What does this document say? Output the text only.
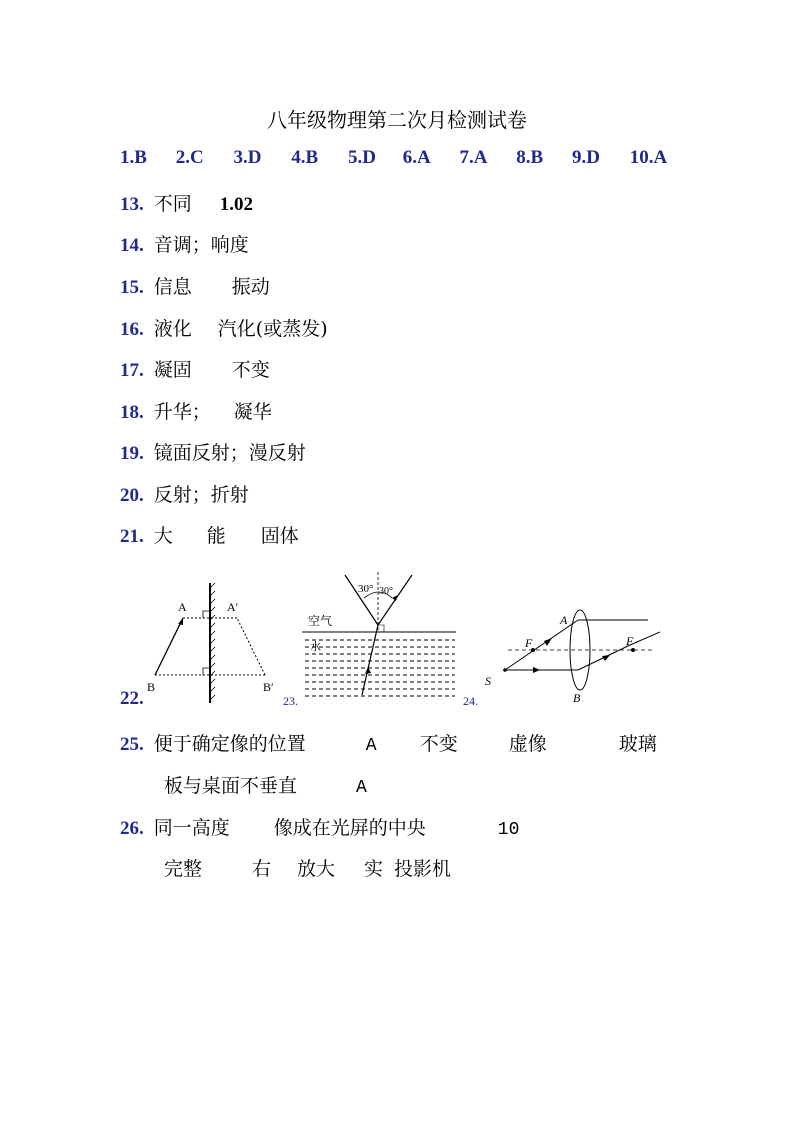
八年级物理第二次月检测试卷
1.B 2.C 3.D 4.B 5.D 6.A 7.A 8.B 9.D 10.A
13. 不同 1.02
14. 音调；响度
15. 信息 振动
16. 液化 汽化(或蒸发)
17. 凝固 不变
18. 升华； 凝华
19. 镜面反射；漫反射
20. 反射；折射
21. 大 能 固体
22.
A	A′
B	B′
23.
30° 30°
空气
水
24.
F	F
A
B
S
25. 便于确定像的位置	A 不变	虚像	玻璃
板与桌面不垂直	A
26. 同一高度 像成在光屏的中央	10
完整	右 放大 实 投影机
